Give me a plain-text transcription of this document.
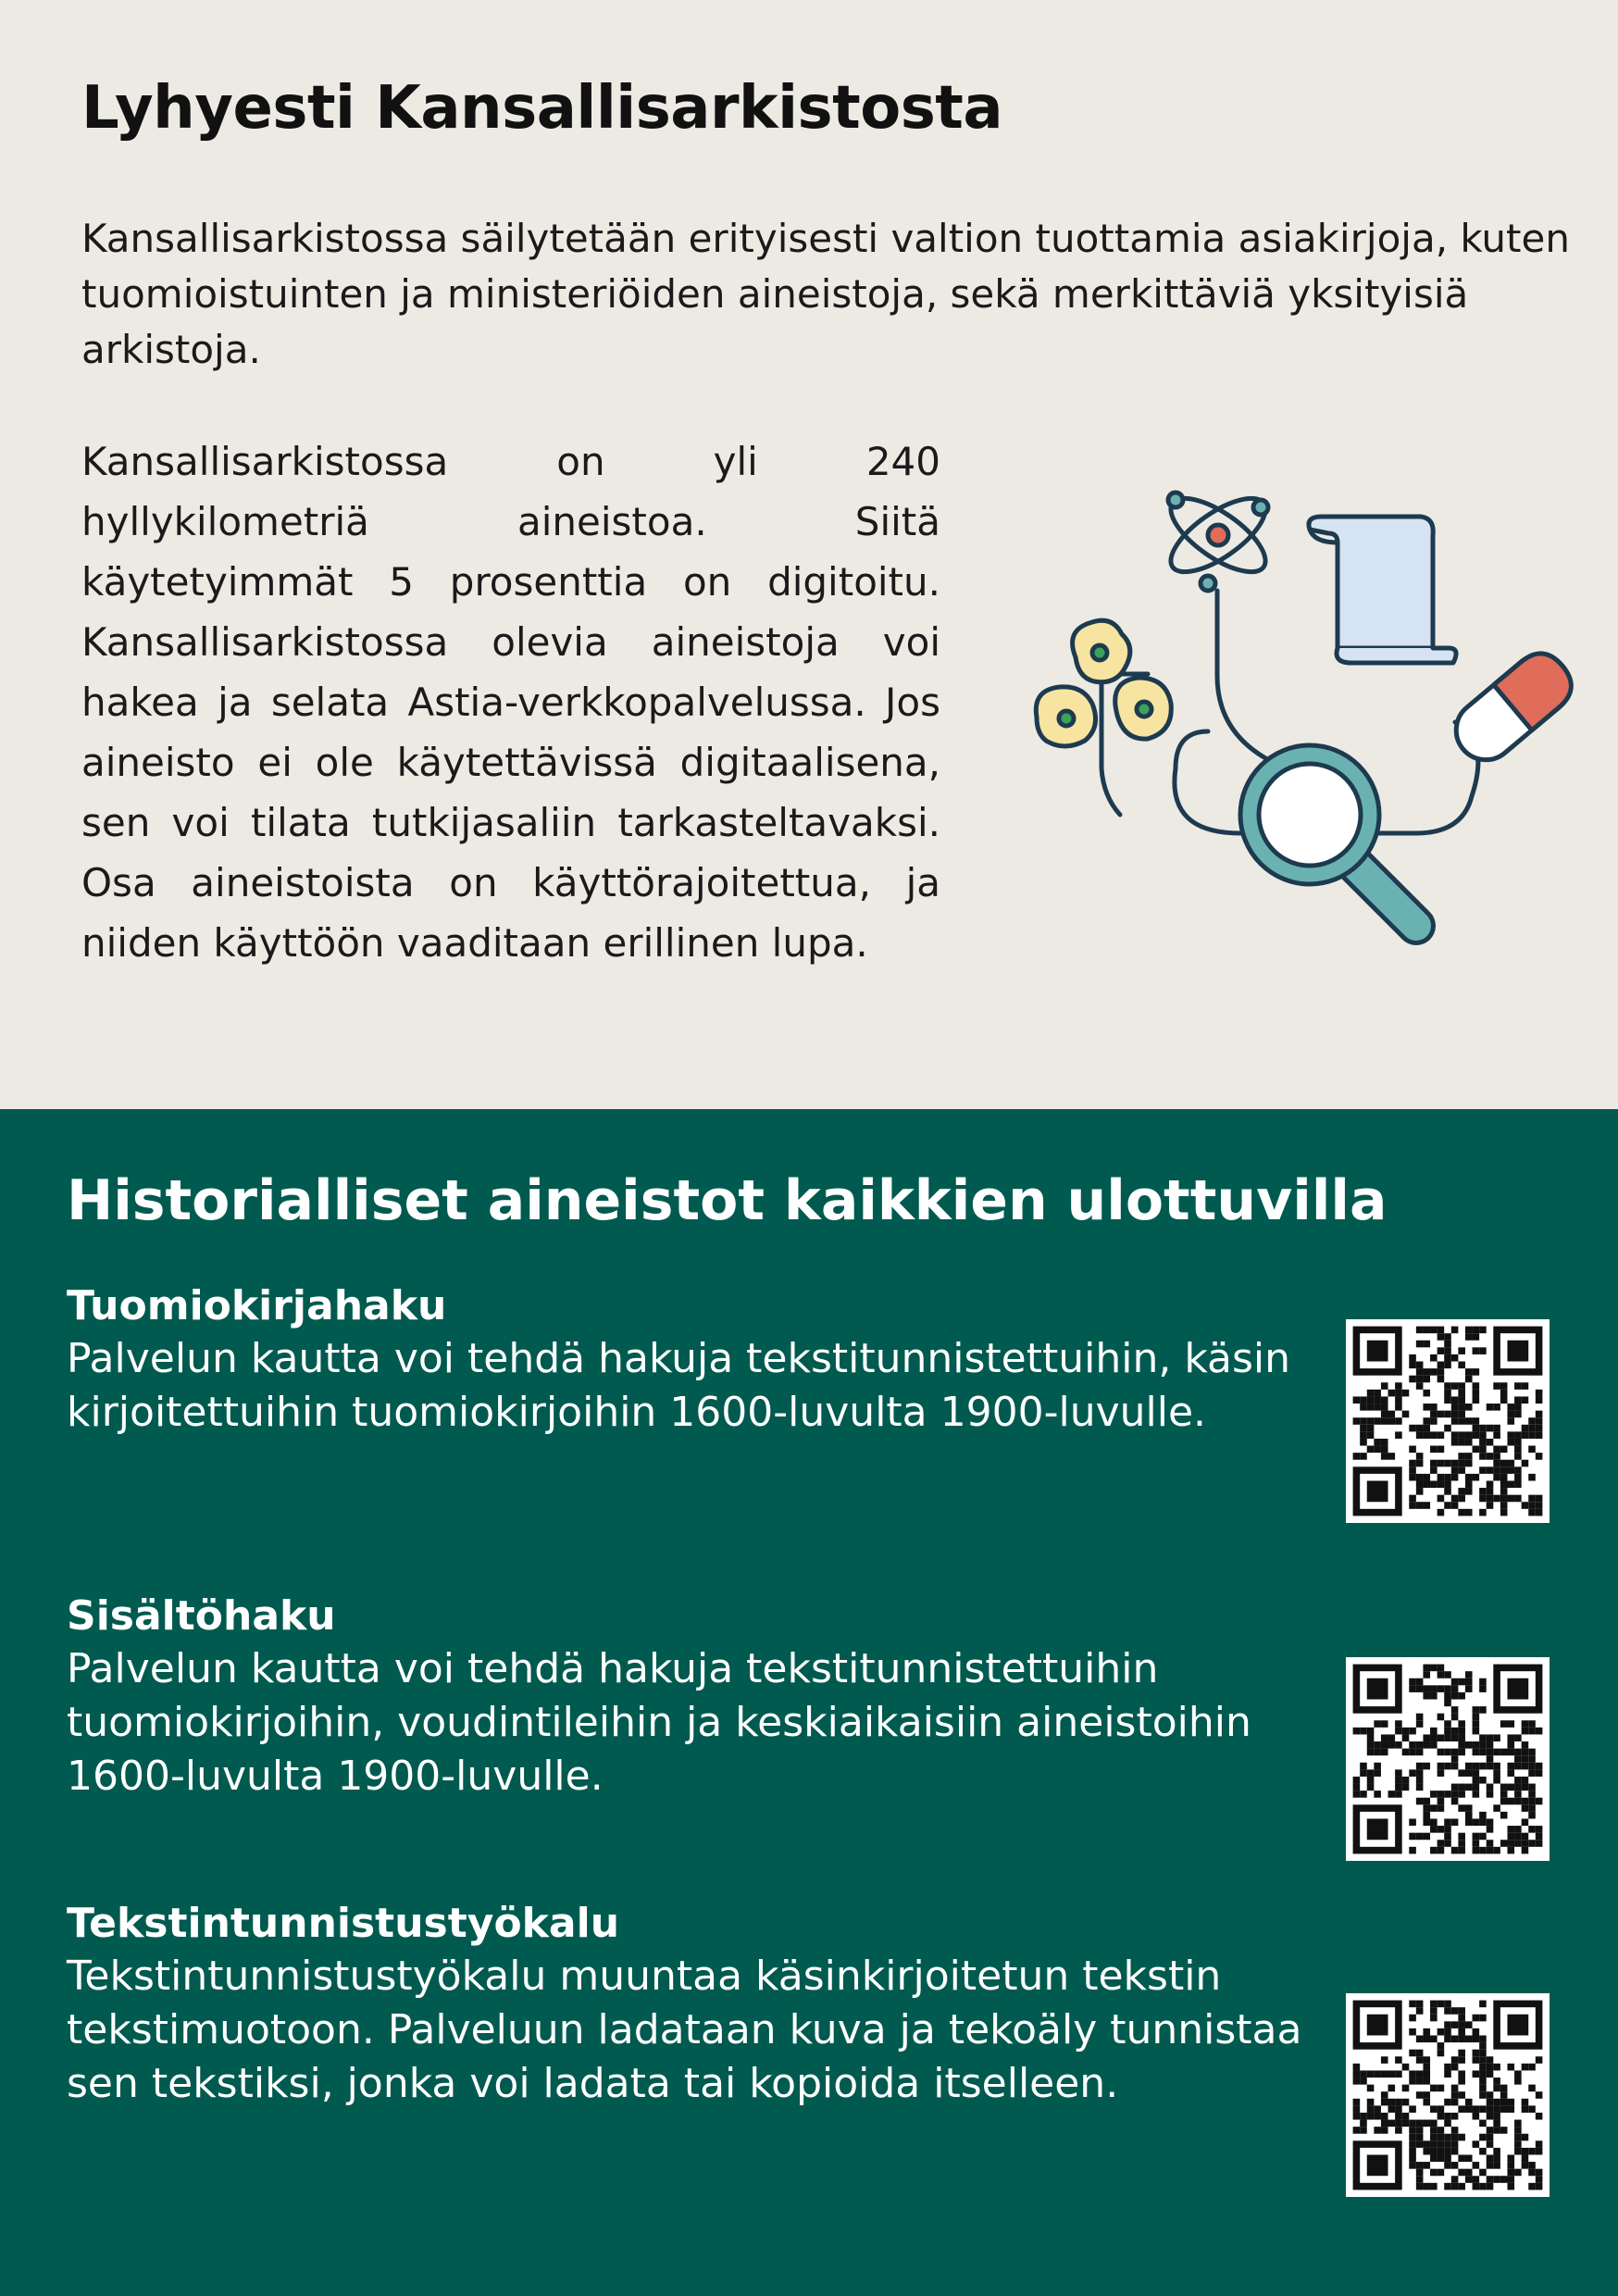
Lyhyesti Kansallisarkistosta

Kansallisarkistossa säilytetään erityisesti valtion tuottamia asiakirjoja, kuten tuomioistuinten ja ministeriöiden aineistoja, sekä merkittäviä yksityisiä arkistoja.

Kansallisarkistossa on yli 240 hyllykilometriä aineistoa. Siitä käytetyimmät 5 prosenttia on digitoitu. Kansallisarkistossa olevia aineistoja voi hakea ja selata Astia-verkkopalvelussa. Jos aineisto ei ole käytettävissä digitaalisena, sen voi tilata tutkijasaliin tarkasteltavaksi. Osa aineistoista on käyttörajoitettua, ja niiden käyttöön vaaditaan erillinen lupa.

Historialliset aineistot kaikkien ulottuvilla
Tuomiokirjahaku

Palvelun kautta voi tehdä hakuja tekstitunnistettuihin, käsin kirjoitettuihin tuomiokirjoihin 1600-luvulta 1900-luvulle.

Sisältöhaku

Palvelun kautta voi tehdä hakuja tekstitunnistettuihin tuomiokirjoihin, voudintileihin ja keskiaikaisiin aineistoihin 1600-luvulta 1900-luvulle.

Tekstintunnistustyökalu

Tekstintunnistustyökalu muuntaa käsinkirjoitetun tekstin tekstimuotoon. Palveluun ladataan kuva ja tekoäly tunnistaa sen tekstiksi, jonka voi ladata tai kopioida itselleen.
